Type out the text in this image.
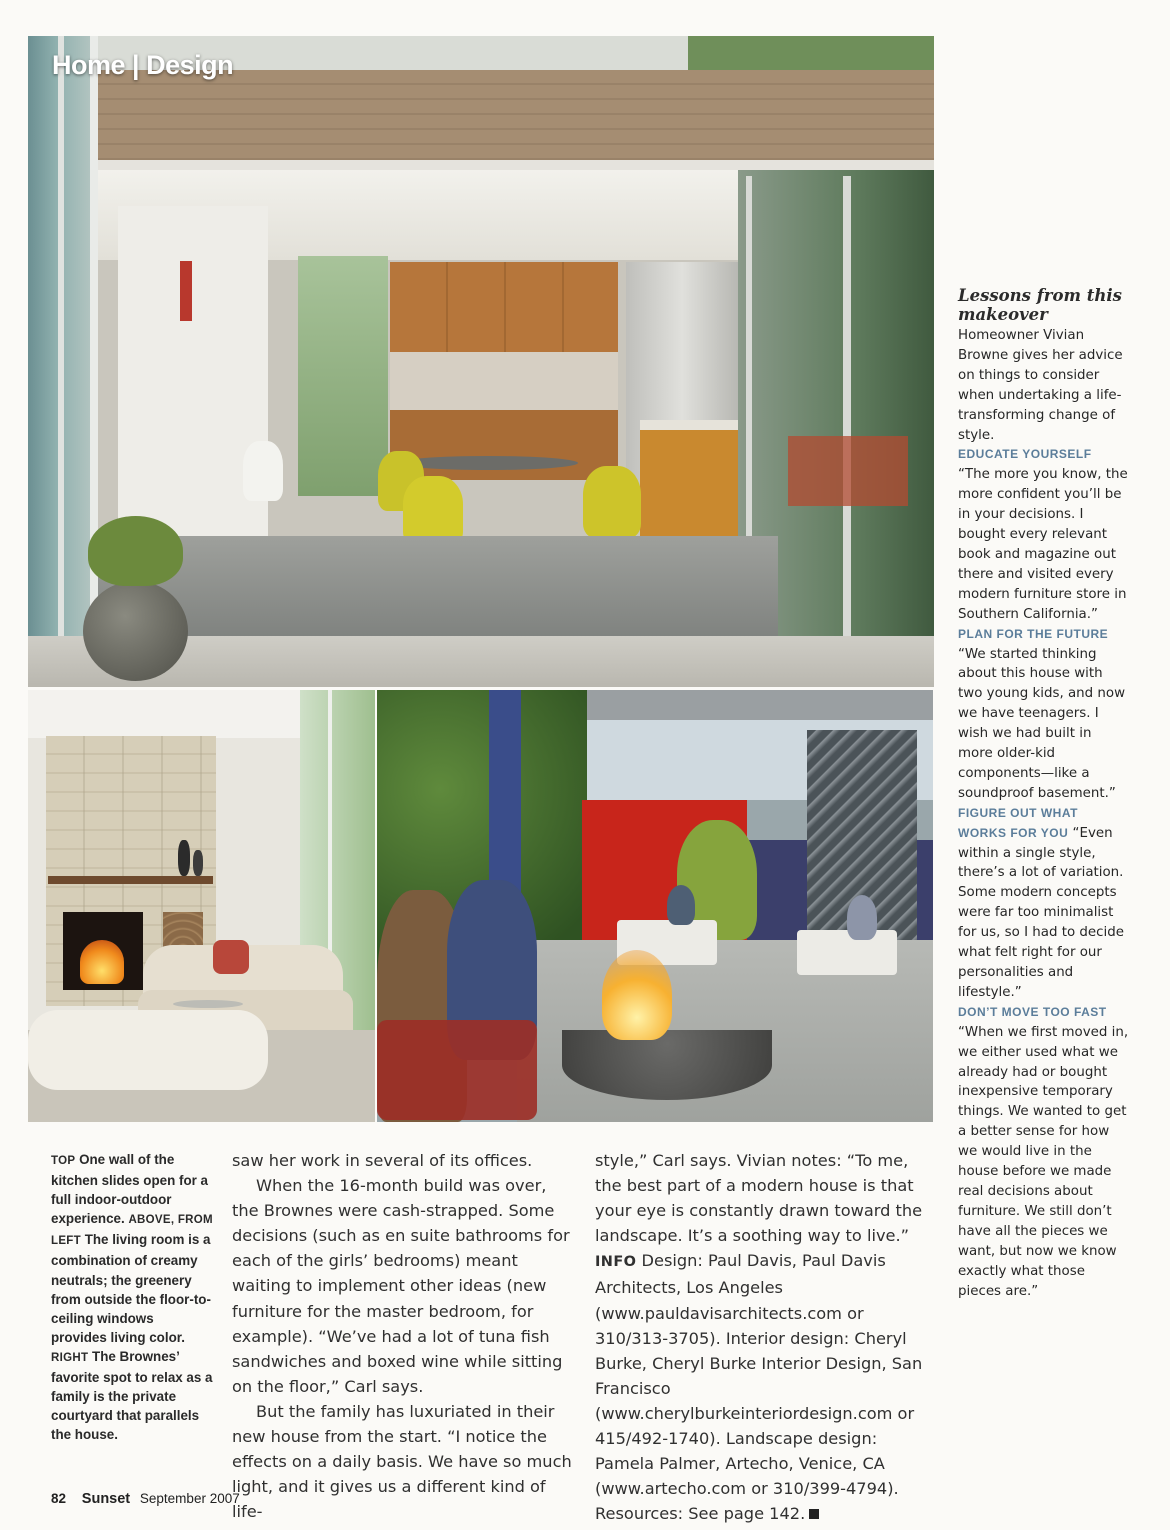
Home | Design
Lessons from this makeover

Homeowner Vivian Browne gives her advice on things to consider when undertaking a life-transforming change of style.

EDUCATE YOURSELF
“The more you know, the more confident you’ll be in your decisions. I bought every relevant book and magazine out there and visited every modern furniture store in Southern California.”

PLAN FOR THE FUTURE
“We started thinking about this house with two young kids, and now we have teenagers. I wish we had built in more older-kid components—like a soundproof basement.”

FIGURE OUT WHAT WORKS FOR YOU “Even within a single style, there’s a lot of variation. Some modern concepts were far too minimalist for us, so I had to decide what felt right for our personalities and lifestyle.”

DON’T MOVE TOO FAST
“When we first moved in, we either used what we already had or bought inexpensive temporary things. We wanted to get a better sense for how we would live in the house before we made real decisions about furniture. We still don’t have all the pieces we want, but now we know exactly what those pieces are.”

TOP One wall of the kitchen slides open for a full indoor-outdoor experience. ABOVE, FROM LEFT The living room is a combination of creamy neutrals; the greenery from outside the floor-to-ceiling windows provides living color. RIGHT The Brownes’ favorite spot to relax as a family is the private courtyard that parallels the house.

saw her work in several of its offices.

When the 16-month build was over, the Brownes were cash-strapped. Some decisions (such as en suite bathrooms for each of the girls’ bedrooms) meant waiting to implement other ideas (new furniture for the master bedroom, for example). “We’ve had a lot of tuna fish sandwiches and boxed wine while sitting on the floor,” Carl says.

But the family has luxuriated in their new house from the start. “I notice the effects on a daily basis. We have so much light, and it gives us a different kind of life-

style,” Carl says. Vivian notes: “To me, the best part of a modern house is that your eye is constantly drawn toward the landscape. It’s a soothing way to live.”

INFO Design: Paul Davis, Paul Davis Architects, Los Angeles (www.pauldavisarchitects.com or 310/313-3705). Interior design: Cheryl Burke, Cheryl Burke Interior Design, San Francisco (www.cherylburkeinteriordesign.com or 415/492-1740). Landscape design: Pamela Palmer, Artecho, Venice, CA (www.artecho.com or 310/399-4794). Resources: See page 142.

82 Sunset September 2007
